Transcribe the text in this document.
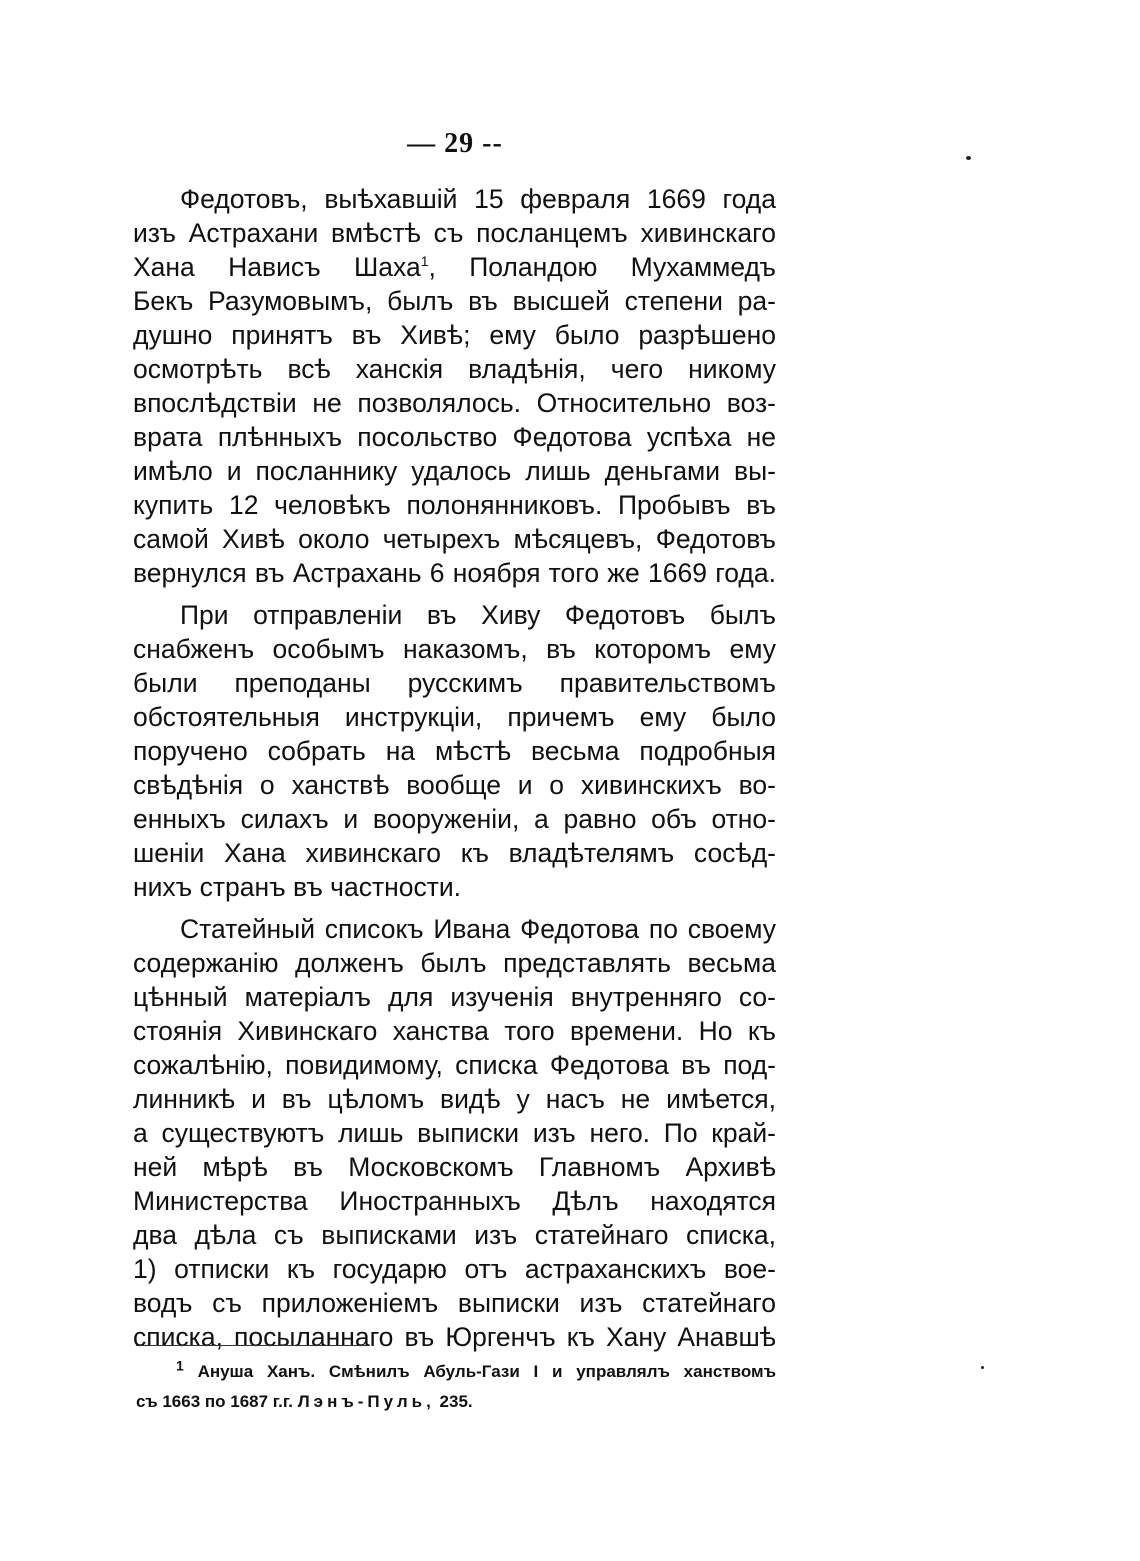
— 29 --
Федотовъ, выѣхавшій 15 февраля 1669 года
изъ Астрахани вмѣстѣ съ посланцемъ хивинскаго
Хана Нависъ Шаха$^1$, Поландою Мухаммедъ
Бекъ Разумовымъ, былъ въ высшей степени ра-
душно принятъ въ Хивѣ; ему было разрѣшено
осмотрѣть всѣ ханскія владѣнія, чего никому
впослѣдствіи не позволялось. Относительно воз-
врата плѣнныхъ посольство Федотова успѣха не
имѣло и посланнику удалось лишь деньгами вы-
купить 12 человѣкъ полонянниковъ. Пробывъ въ
самой Хивѣ около четырехъ мѣсяцевъ, Федотовъ
вернулся въ Астрахань 6 ноября того же 1669 года.
При отправленіи въ Хиву Федотовъ былъ
снабженъ особымъ наказомъ, въ которомъ ему
были преподаны русскимъ правительствомъ
обстоятельныя инструкціи, причемъ ему было
поручено собрать на мѣстѣ весьма подробныя
свѣдѣнія о ханствѣ вообще и о хивинскихъ во-
енныхъ силахъ и вооруженіи, а равно объ отно-
шеніи Хана хивинскаго къ владѣтелямъ сосѣд-
нихъ странъ въ частности.
Статейный списокъ Ивана Федотова по своему
содержанію долженъ былъ представлять весьма
цѣнный матеріалъ для изученія внутренняго со-
стоянія Хивинскаго ханства того времени. Но къ
сожалѣнію, повидимому, списка Федотова въ под-
линникѣ и въ цѣломъ видѣ у насъ не имѣется,
а существуютъ лишь выписки изъ него. По край-
ней мѣрѣ въ Московскомъ Главномъ Архивѣ
Министерства Иностранныхъ Дѣлъ находятся
два дѣла съ выписками изъ статейнаго списка,
1) отписки къ государю отъ астраханскихъ вое-
водъ съ приложеніемъ выписки изъ статейнаго
списка, посыланнаго въ Юргенчъ къ Хану Анавшѣ
$^1$ Ануша Ханъ. Смѣнилъ Абуль-Гази I и управлялъ ханствомъ
съ 1663 по 1687 г.г. Лэнъ-Пуль, 235.
